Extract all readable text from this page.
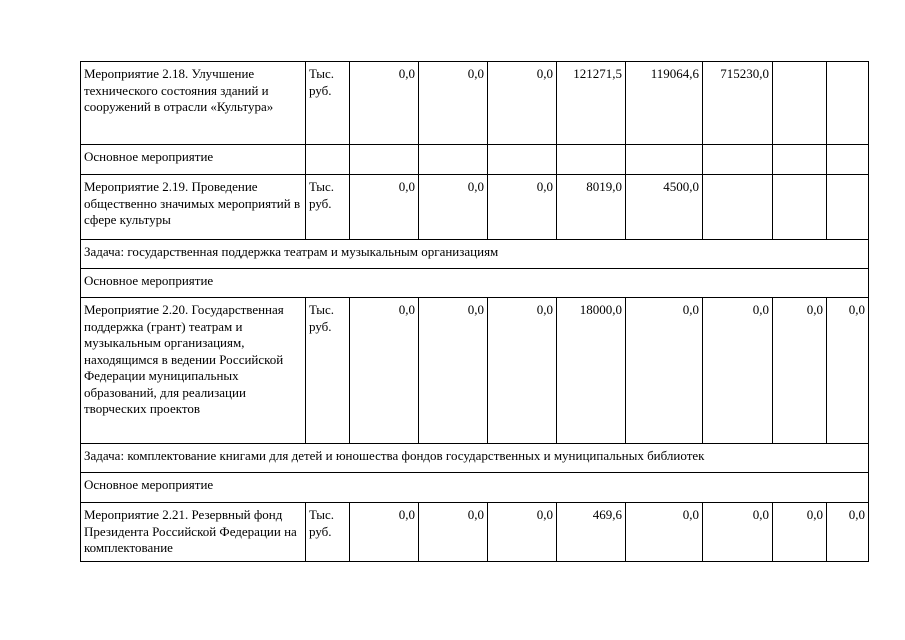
Мероприятие 2.18. Улучшение технического состояния зданий и сооружений в отрасли «Культура»	Тыс. руб.	0,0	0,0	0,0	121271,5	119064,6	715230,0		
Основное мероприятие									
Мероприятие 2.19. Проведение общественно значимых мероприятий в сфере культуры	Тыс. руб.	0,0	0,0	0,0	8019,0	4500,0			
Задача: государственная поддержка театрам и музыкальным организациям									
Основное мероприятие									
Мероприятие 2.20. Государственная поддержка (грант) театрам и музыкальным организациям, находящимся в ведении Российской Федерации муниципальных образований, для реализации творческих проектов	Тыс. руб.	0,0	0,0	0,0	18000,0	0,0	0,0	0,0	0,0
Задача: комплектование книгами для детей и юношества фондов государственных и муниципальных библиотек									
Основное мероприятие									
Мероприятие 2.21. Резервный фонд Президента Российской Федерации на комплектование	Тыс. руб.	0,0	0,0	0,0	469,6	0,0	0,0	0,0	0,0
